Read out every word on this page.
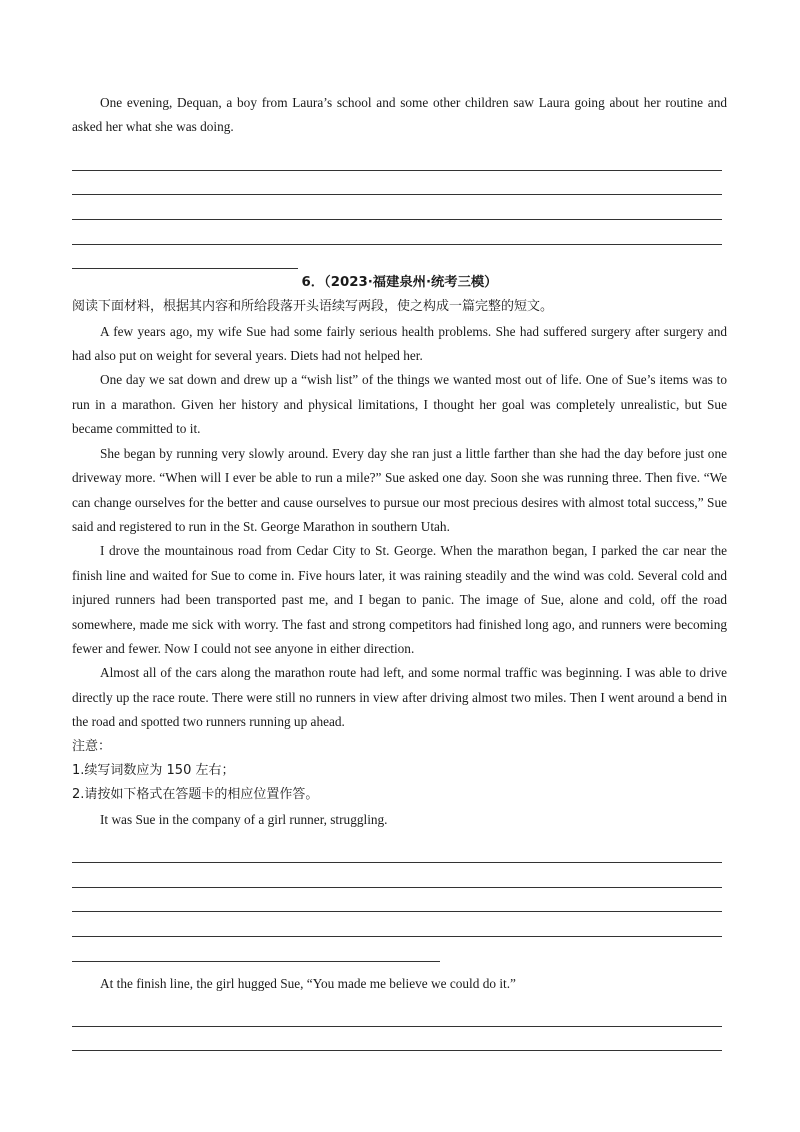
One evening, Dequan, a boy from Laura’s school and some other children saw Laura going about her routine and asked her what she was doing.

6．（2023·福建泉州·统考三模）

阅读下面材料，根据其内容和所给段落开头语续写两段，使之构成一篇完整的短文。

A few years ago, my wife Sue had some fairly serious health problems. She had suffered surgery after surgery and had also put on weight for several years. Diets had not helped her.

One day we sat down and drew up a “wish list” of the things we wanted most out of life. One of Sue’s items was to run in a marathon. Given her history and physical limitations, I thought her goal was completely unrealistic, but Sue became committed to it.

She began by running very slowly around. Every day she ran just a little farther than she had the day before just one driveway more. “When will I ever be able to run a mile?” Sue asked one day. Soon she was running three. Then five. “We can change ourselves for the better and cause ourselves to pursue our most precious desires with almost total success,” Sue said and registered to run in the St. George Marathon in southern Utah.

I drove the mountainous road from Cedar City to St. George. When the marathon began, I parked the car near the finish line and waited for Sue to come in. Five hours later, it was raining steadily and the wind was cold. Several cold and injured runners had been transported past me, and I began to panic. The image of Sue, alone and cold, off the road somewhere, made me sick with worry. The fast and strong competitors had finished long ago, and runners were becoming fewer and fewer. Now I could not see anyone in either direction.

Almost all of the cars along the marathon route had left, and some normal traffic was beginning. I was able to drive directly up the race route. There were still no runners in view after driving almost two miles. Then I went around a bend in the road and spotted two runners running up ahead.

注意：

1.续写词数应为 150 左右；

2.请按如下格式在答题卡的相应位置作答。

It was Sue in the company of a girl runner, struggling.

At the finish line, the girl hugged Sue, “You made me believe we could do it.”
